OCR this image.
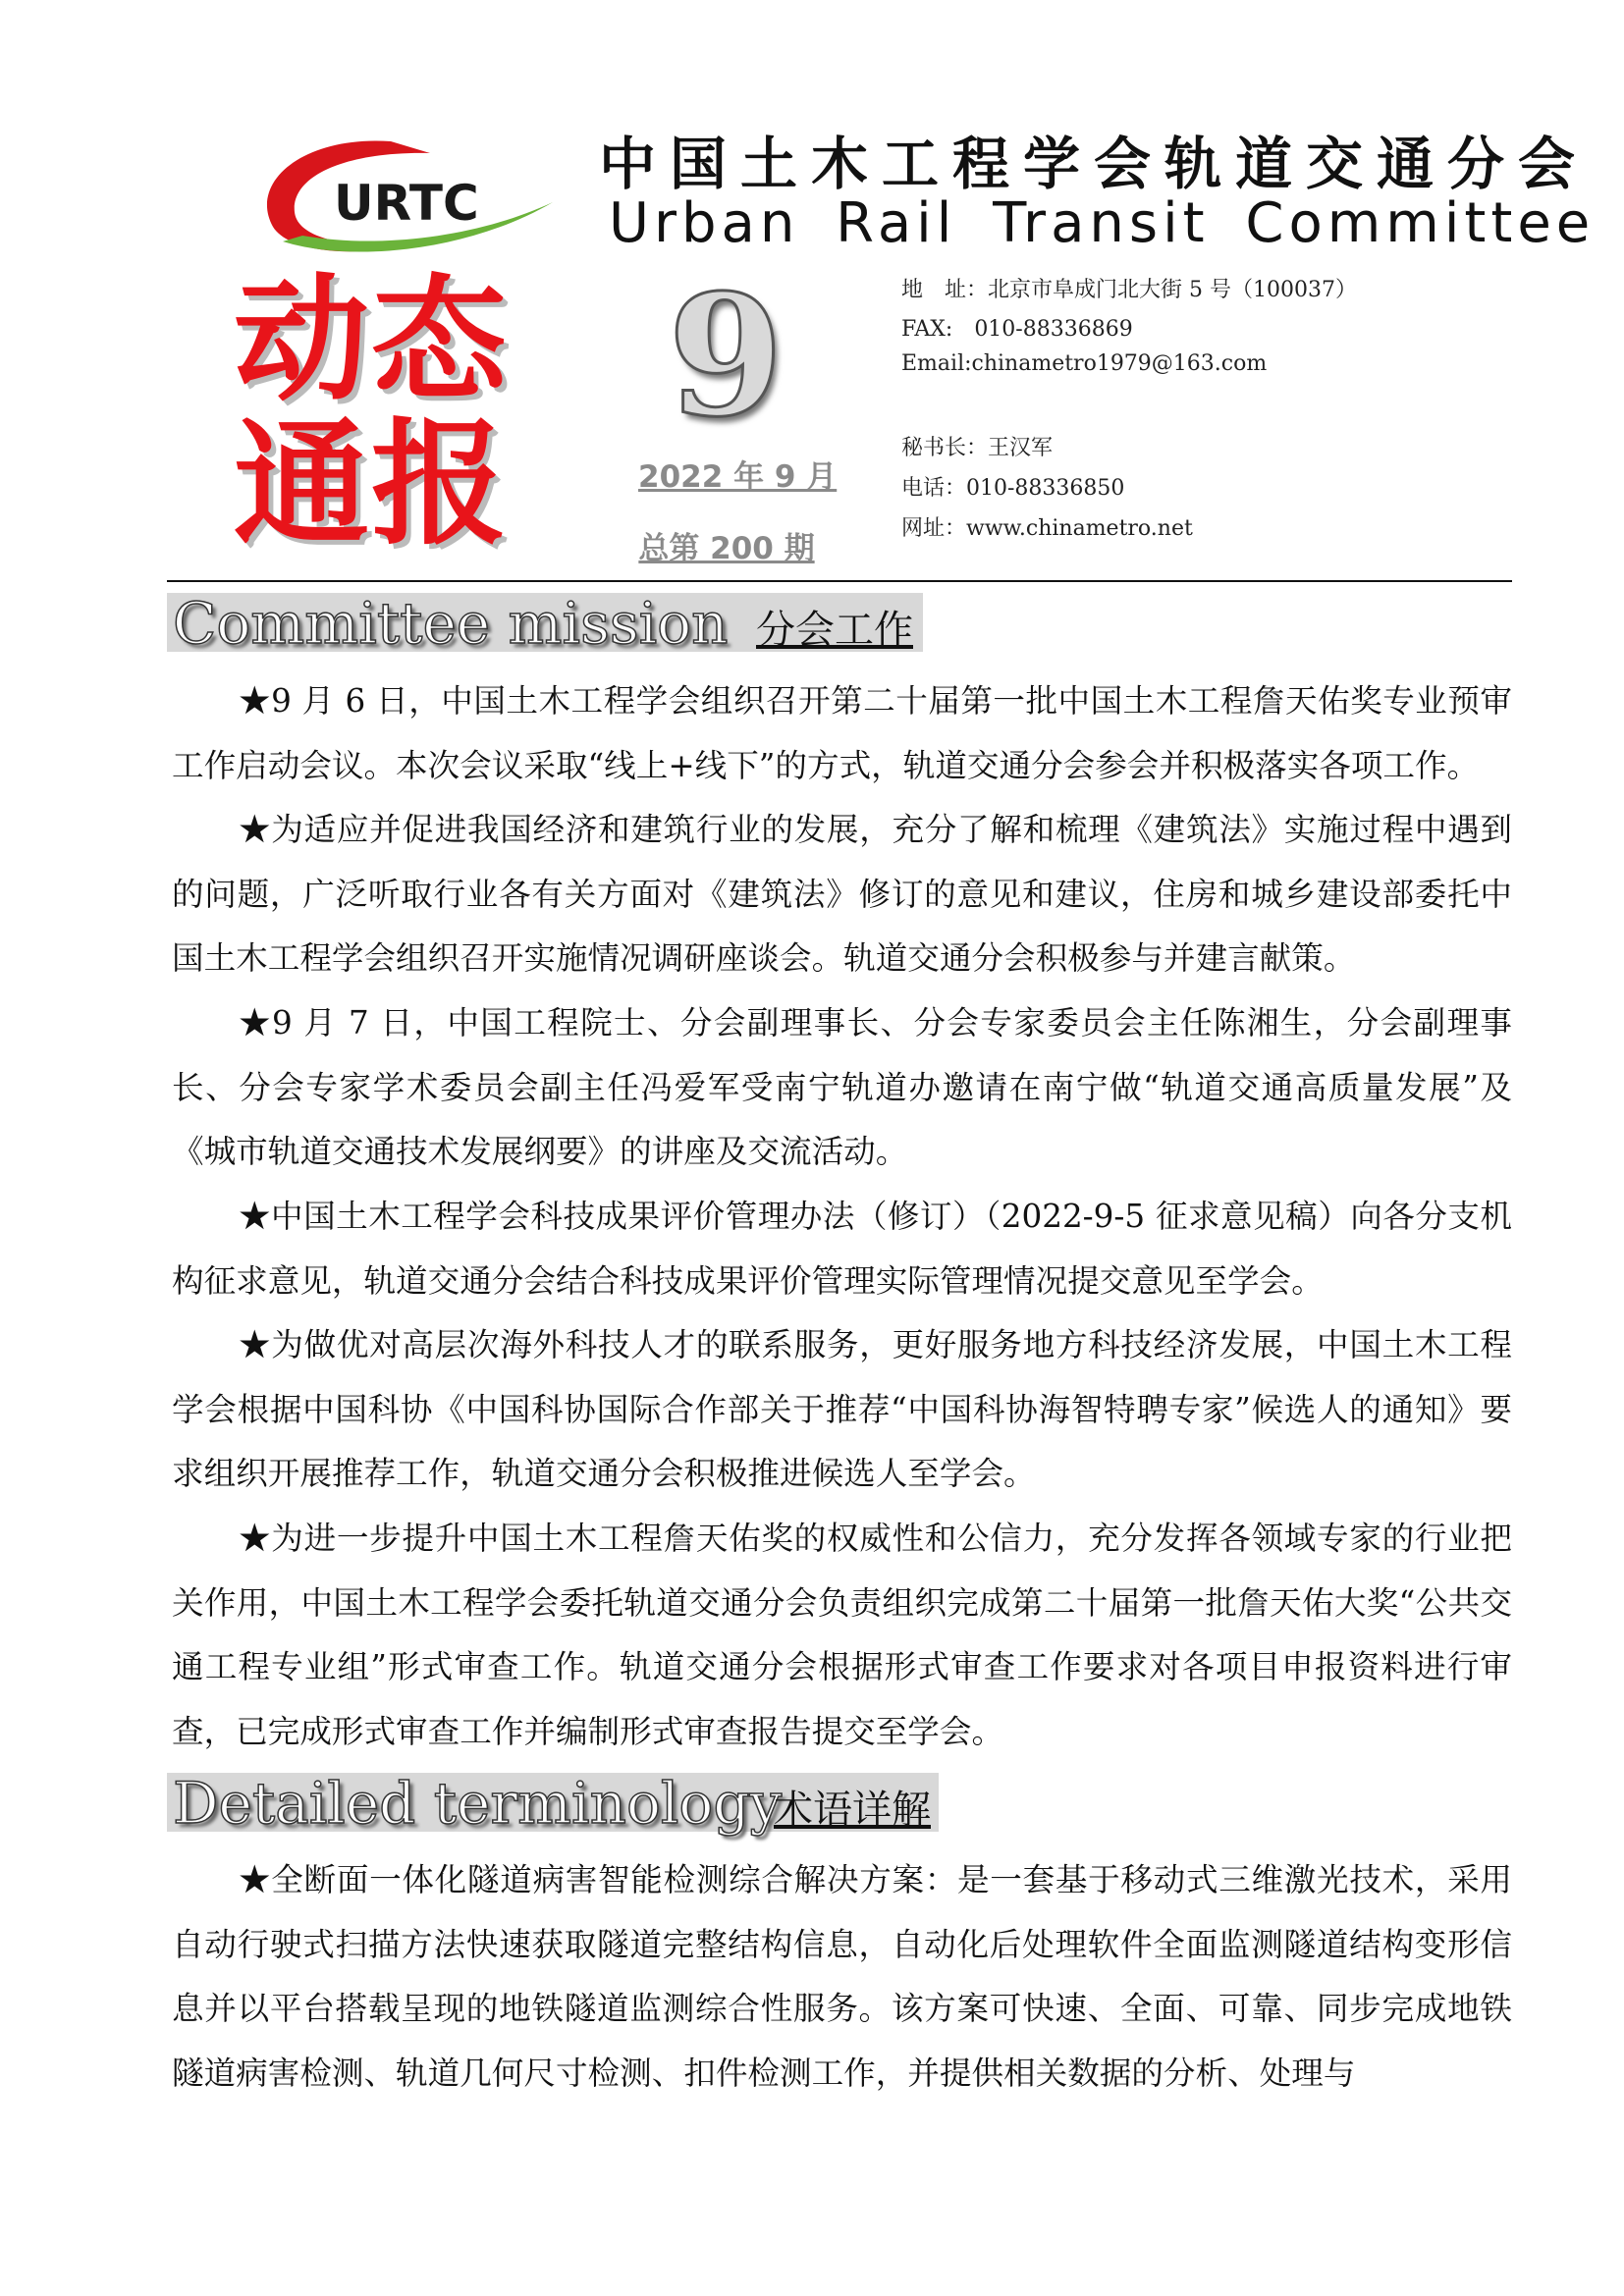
URTC
中国土木工程学会轨道交通分会
Urban Rail Transit Committee
动态
通报
9
2022 年 9 月
总第 200 期
地　址：北京市阜成门北大街 5 号（100037）
FAX:　010-88336869
Email:chinametro1979@163.com
秘书长：王汉军
电话：010-88336850
网址：www.chinametro.net
Committee mission 分会工作

★9 月 6 日，中国土木工程学会组织召开第二十届第一批中国土木工程詹天佑奖专业预审工作启动会议。本次会议采取“线上+线下”的方式，轨道交通分会参会并积极落实各项工作。

★为适应并促进我国经济和建筑行业的发展，充分了解和梳理《建筑法》实施过程中遇到的问题，广泛听取行业各有关方面对《建筑法》修订的意见和建议，住房和城乡建设部委托中国土木工程学会组织召开实施情况调研座谈会。轨道交通分会积极参与并建言献策。

★9 月 7 日，中国工程院士、分会副理事长、分会专家委员会主任陈湘生，分会副理事长、分会专家学术委员会副主任冯爱军受南宁轨道办邀请在南宁做“轨道交通高质量发展”及《城市轨道交通技术发展纲要》的讲座及交流活动。

★中国土木工程学会科技成果评价管理办法（修订）（2022-9-5 征求意见稿）向各分支机构征求意见，轨道交通分会结合科技成果评价管理实际管理情况提交意见至学会。

★为做优对高层次海外科技人才的联系服务，更好服务地方科技经济发展，中国土木工程学会根据中国科协《中国科协国际合作部关于推荐“中国科协海智特聘专家”候选人的通知》要求组织开展推荐工作，轨道交通分会积极推进候选人至学会。

★为进一步提升中国土木工程詹天佑奖的权威性和公信力，充分发挥各领域专家的行业把关作用，中国土木工程学会委托轨道交通分会负责组织完成第二十届第一批詹天佑大奖“公共交通工程专业组”形式审查工作。轨道交通分会根据形式审查工作要求对各项目申报资料进行审查，已完成形式审查工作并编制形式审查报告提交至学会。

Detailed terminology
术语详解

★全断面一体化隧道病害智能检测综合解决方案：是一套基于移动式三维激光技术，采用自动行驶式扫描方法快速获取隧道完整结构信息，自动化后处理软件全面监测隧道结构变形信息并以平台搭载呈现的地铁隧道监测综合性服务。该方案可快速、全面、可靠、同步完成地铁隧道病害检测、轨道几何尺寸检测、扣件检测工作，并提供相关数据的分析、处理与
